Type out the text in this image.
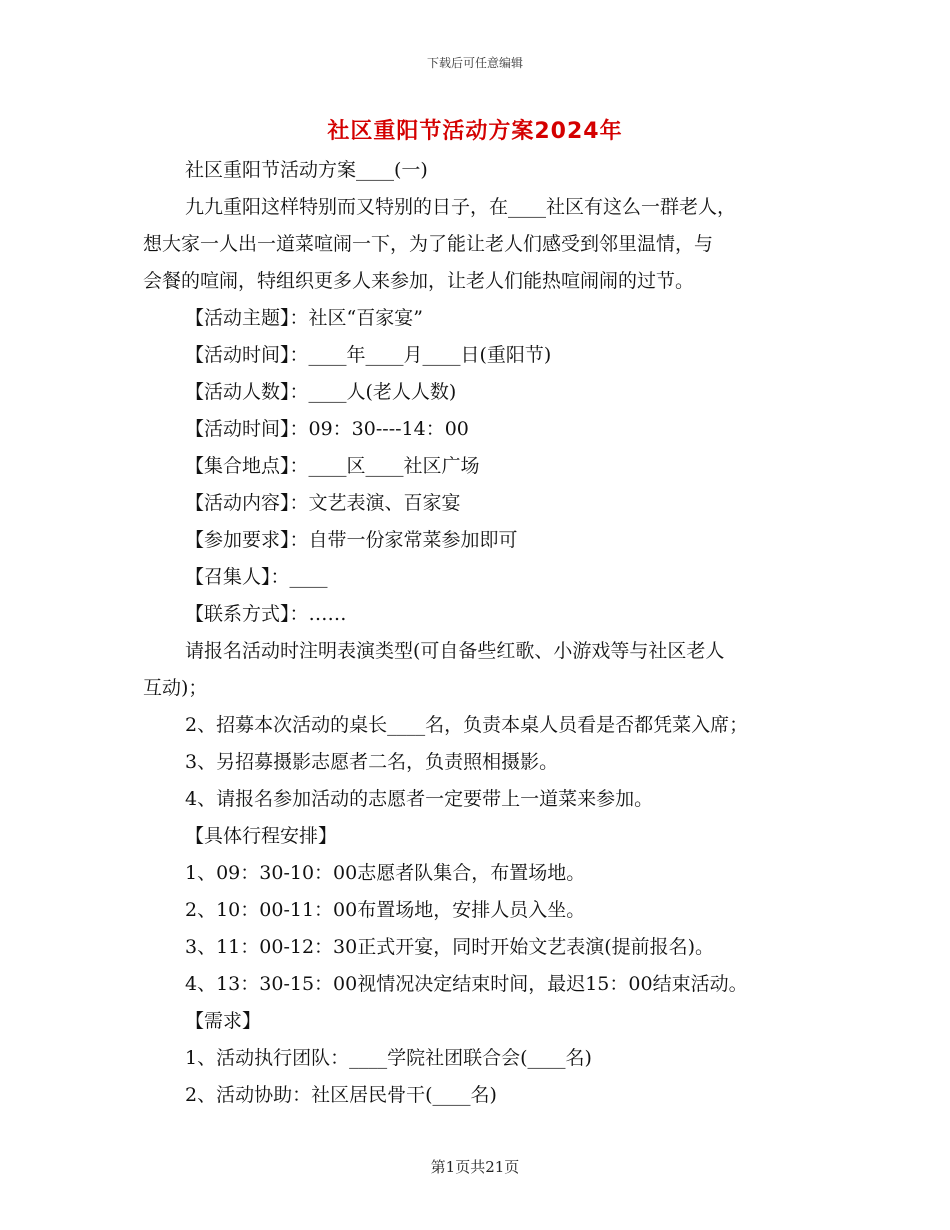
下载后可任意编辑
社区重阳节活动方案2024年

社区重阳节活动方案____(一)

九九重阳这样特别而又特别的日子，在____社区有这么一群老人，

想大家一人出一道菜喧闹一下，为了能让老人们感受到邻里温情，与

会餐的喧闹，特组织更多人来参加，让老人们能热喧闹闹的过节。

【活动主题】：社区“百家宴”

【活动时间】：____年____月____日(重阳节)

【活动人数】：____人(老人人数)

【活动时间】：09：30----14：00

【集合地点】：____区____社区广场

【活动内容】：文艺表演、百家宴

【参加要求】：自带一份家常菜参加即可

【召集人】：____

【联系方式】：……

请报名活动时注明表演类型(可自备些红歌、小游戏等与社区老人

互动)；

2、招募本次活动的桌长____名，负责本桌人员看是否都凭菜入席；

3、另招募摄影志愿者二名，负责照相摄影。

4、请报名参加活动的志愿者一定要带上一道菜来参加。

【具体行程安排】

1、09：30-10：00志愿者队集合，布置场地。

2、10：00-11：00布置场地，安排人员入坐。

3、11：00-12：30正式开宴，同时开始文艺表演(提前报名)。

4、13：30-15：00视情况决定结束时间，最迟15：00结束活动。

【需求】

1、活动执行团队：____学院社团联合会(____名)

2、活动协助：社区居民骨干(____名)

第1页共21页
